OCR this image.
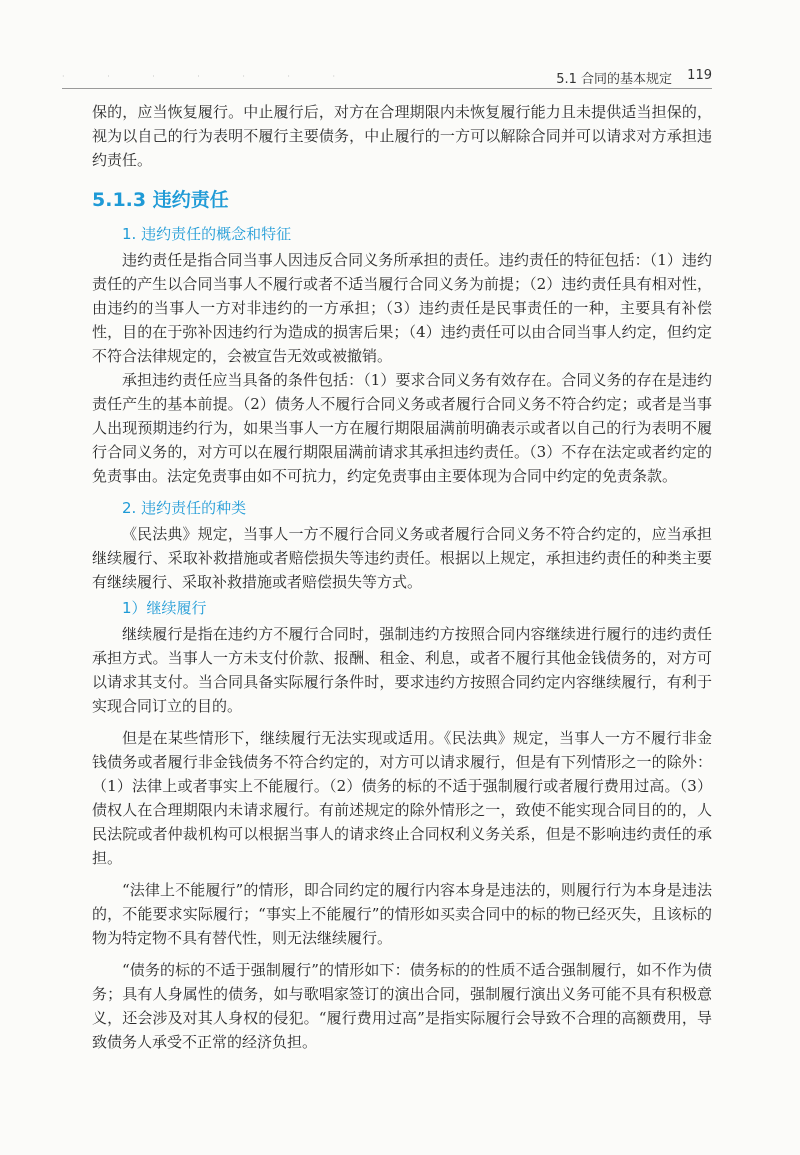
· · · · · · ·	5.1 合同的基本规定 119

保的，应当恢复履行。中止履行后，对方在合理期限内未恢复履行能力且未提供适当担保的，视为以自己的行为表明不履行主要债务，中止履行的一方可以解除合同并可以请求对方承担违约责任。

5.1.3 违约责任
1. 违约责任的概念和特征

违约责任是指合同当事人因违反合同义务所承担的责任。违约责任的特征包括：（1）违约责任的产生以合同当事人不履行或者不适当履行合同义务为前提；（2）违约责任具有相对性，由违约的当事人一方对非违约的一方承担；（3）违约责任是民事责任的一种，主要具有补偿性，目的在于弥补因违约行为造成的损害后果；（4）违约责任可以由合同当事人约定，但约定不符合法律规定的，会被宣告无效或被撤销。

承担违约责任应当具备的条件包括：（1）要求合同义务有效存在。合同义务的存在是违约责任产生的基本前提。（2）债务人不履行合同义务或者履行合同义务不符合约定；或者是当事人出现预期违约行为，如果当事人一方在履行期限届满前明确表示或者以自己的行为表明不履行合同义务的，对方可以在履行期限届满前请求其承担违约责任。（3）不存在法定或者约定的免责事由。法定免责事由如不可抗力，约定免责事由主要体现为合同中约定的免责条款。

2. 违约责任的种类

《民法典》规定，当事人一方不履行合同义务或者履行合同义务不符合约定的，应当承担继续履行、采取补救措施或者赔偿损失等违约责任。根据以上规定，承担违约责任的种类主要有继续履行、采取补救措施或者赔偿损失等方式。

1）继续履行

继续履行是指在违约方不履行合同时，强制违约方按照合同内容继续进行履行的违约责任承担方式。当事人一方未支付价款、报酬、租金、利息，或者不履行其他金钱债务的，对方可以请求其支付。当合同具备实际履行条件时，要求违约方按照合同约定内容继续履行，有利于实现合同订立的目的。

但是在某些情形下，继续履行无法实现或适用。《民法典》规定，当事人一方不履行非金钱债务或者履行非金钱债务不符合约定的，对方可以请求履行，但是有下列情形之一的除外：（1）法律上或者事实上不能履行。（2）债务的标的不适于强制履行或者履行费用过高。（3）债权人在合理期限内未请求履行。有前述规定的除外情形之一，致使不能实现合同目的的，人民法院或者仲裁机构可以根据当事人的请求终止合同权利义务关系，但是不影响违约责任的承担。

“法律上不能履行”的情形，即合同约定的履行内容本身是违法的，则履行行为本身是违法的，不能要求实际履行；“事实上不能履行”的情形如买卖合同中的标的物已经灭失，且该标的物为特定物不具有替代性，则无法继续履行。

“债务的标的不适于强制履行”的情形如下：债务标的的性质不适合强制履行，如不作为债务；具有人身属性的债务，如与歌唱家签订的演出合同，强制履行演出义务可能不具有积极意义，还会涉及对其人身权的侵犯。“履行费用过高”是指实际履行会导致不合理的高额费用，导致债务人承受不正常的经济负担。
